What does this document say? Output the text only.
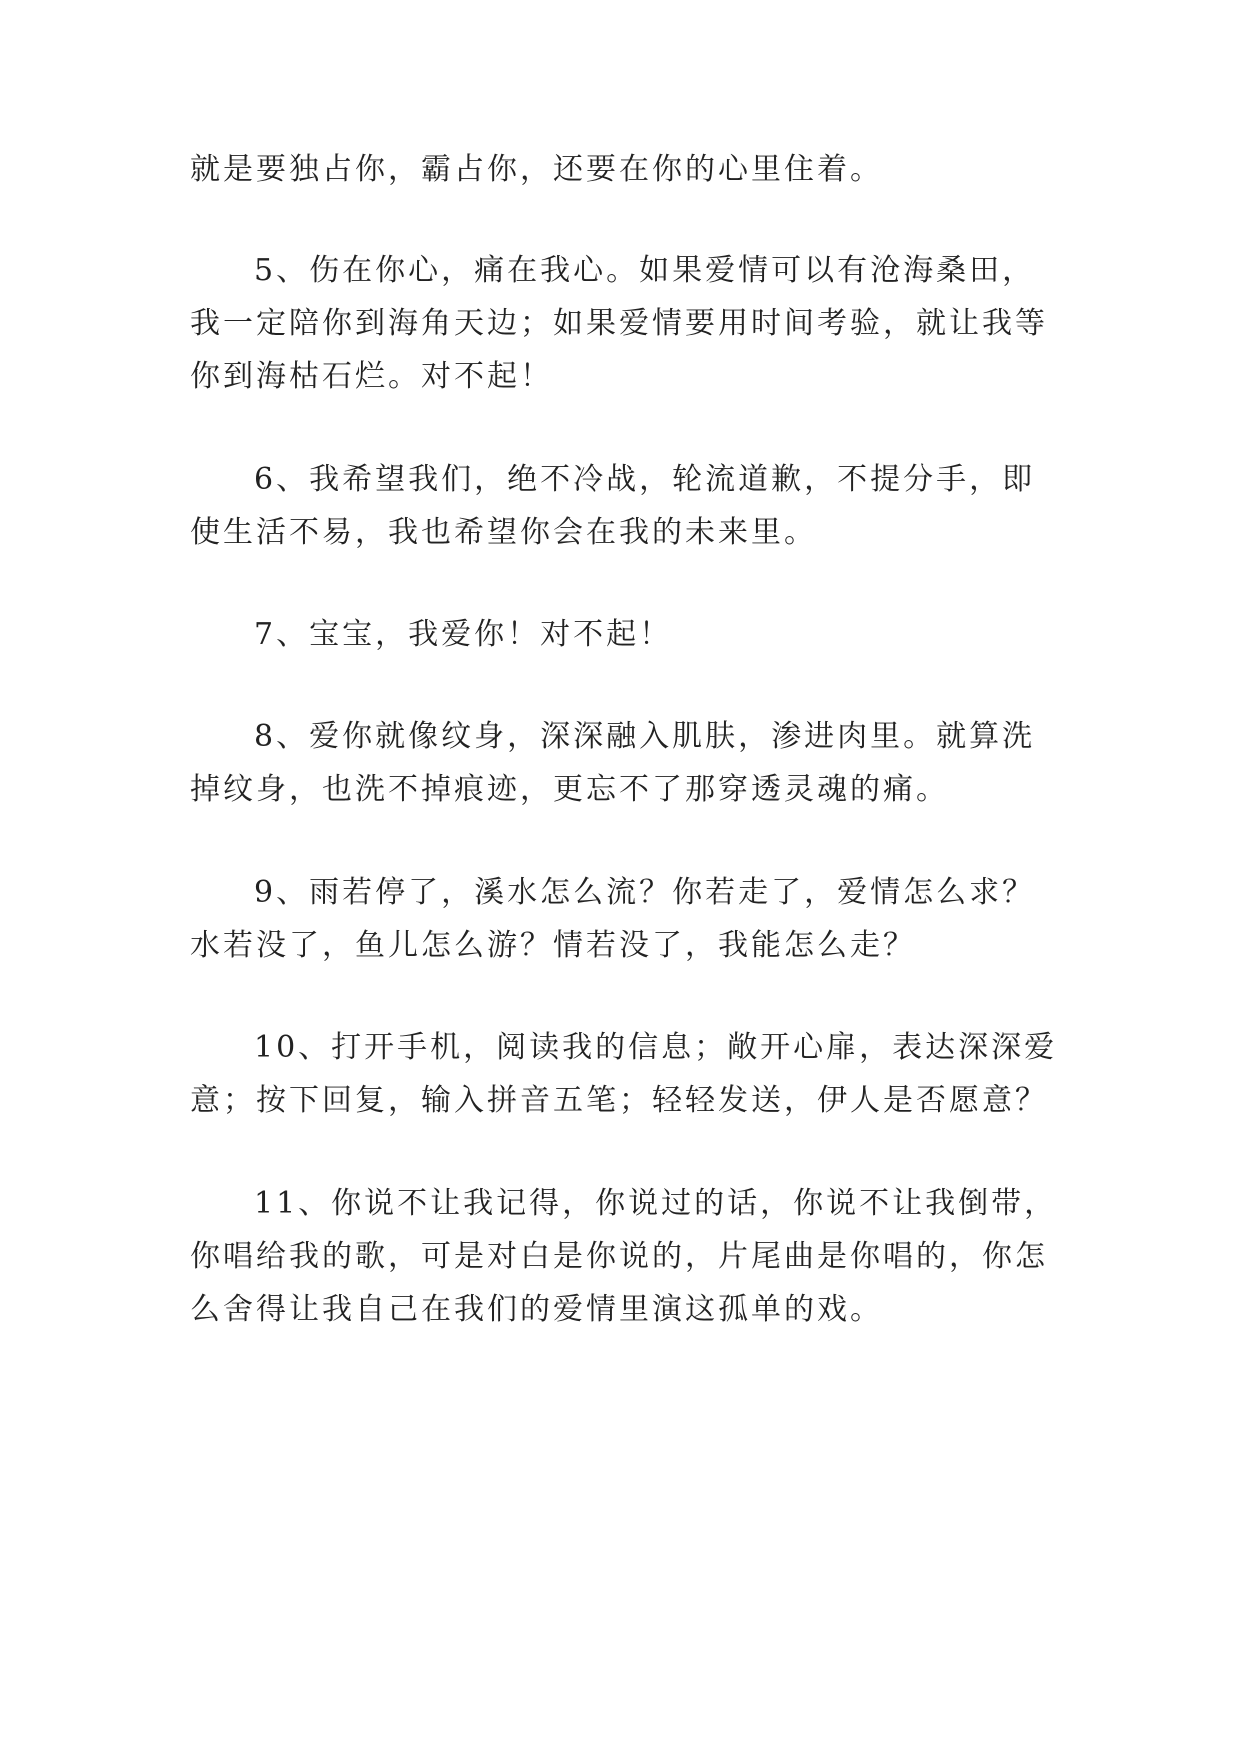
就是要独占你，霸占你，还要在你的心里住着。
5、伤在你心，痛在我心。如果爱情可以有沧海桑田，
我一定陪你到海角天边；如果爱情要用时间考验，就让我等
你到海枯石烂。对不起！
6、我希望我们，绝不冷战，轮流道歉，不提分手，即
使生活不易，我也希望你会在我的未来里。
7、宝宝，我爱你！对不起！
8、爱你就像纹身，深深融入肌肤，渗进肉里。就算洗
掉纹身，也洗不掉痕迹，更忘不了那穿透灵魂的痛。
9、雨若停了，溪水怎么流？你若走了，爱情怎么求？
水若没了，鱼儿怎么游？情若没了，我能怎么走？
10、打开手机，阅读我的信息；敞开心扉，表达深深爱
意；按下回复，输入拼音五笔；轻轻发送，伊人是否愿意？
11、你说不让我记得，你说过的话，你说不让我倒带，
你唱给我的歌，可是对白是你说的，片尾曲是你唱的，你怎
么舍得让我自己在我们的爱情里演这孤单的戏。
